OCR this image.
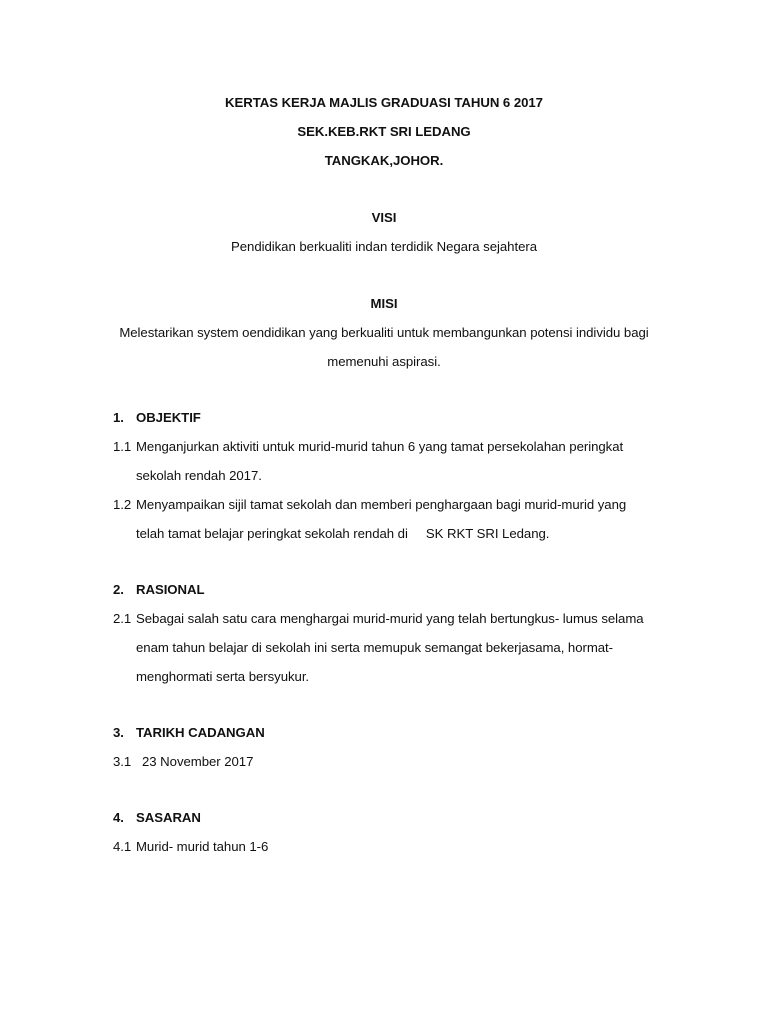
KERTAS KERJA MAJLIS GRADUASI TAHUN 6 2017
SEK.KEB.RKT SRI LEDANG
TANGKAK,JOHOR.
VISI
Pendidikan berkualiti indan terdidik Negara sejahtera
MISI
Melestarikan system oendidikan yang berkualiti untuk membangunkan potensi individu bagi
memenuhi aspirasi.
1. OBJEKTIF
1.1 Menganjurkan aktiviti untuk murid-murid tahun 6 yang tamat persekolahan peringkat
sekolah rendah 2017.
1.2 Menyampaikan sijil tamat sekolah dan memberi penghargaan bagi murid-murid yang
telah tamat belajar peringkat sekolah rendah di     SK RKT SRI Ledang.
2. RASIONAL
2.1 Sebagai salah satu cara menghargai murid-murid yang telah bertungkus- lumus selama
enam tahun belajar di sekolah ini serta memupuk semangat bekerjasama, hormat-
menghormati serta bersyukur.
3. TARIKH CADANGAN
3.1 23 November 2017
4. SASARAN
4.1 Murid- murid tahun 1-6
